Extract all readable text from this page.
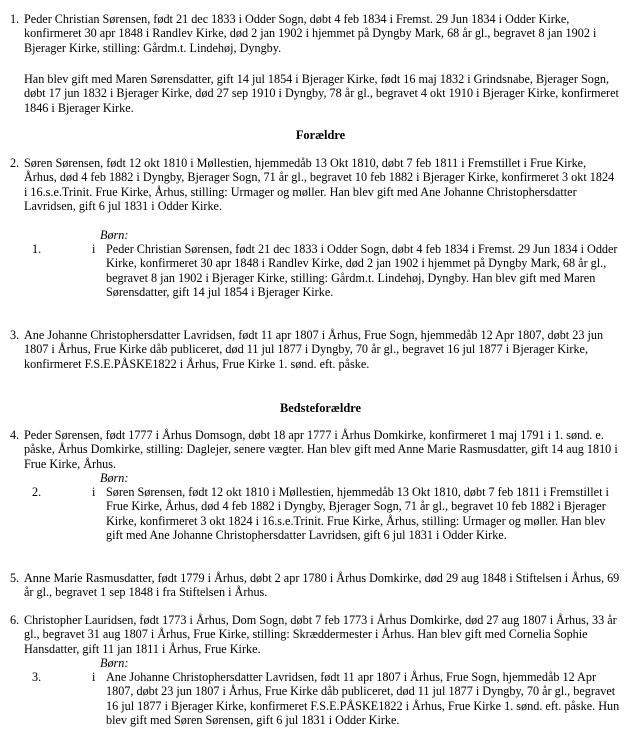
1. Peder Christian Sørensen, født 21 dec 1833 i Odder Sogn, døbt 4 feb 1834 i Fremst. 29 Jun 1834 i Odder Kirke, konfirmeret 30 apr 1848 i Randlev Kirke, død 2 jan 1902 i hjemmet på Dyngby Mark, 68 år gl., begravet 8 jan 1902 i Bjerager Kirke, stilling: Gårdm.t. Lindehøj, Dyngby.
Han blev gift med Maren Sørensdatter, gift 14 jul 1854 i Bjerager Kirke, født 16 maj 1832 i Grindsnabe, Bjerager Sogn, døbt 17 jun 1832 i Bjerager Kirke, død 27 sep 1910 i Dyngby, 78 år gl., begravet 4 okt 1910 i Bjerager Kirke, konfirmeret 1846 i Bjerager Kirke.
Forældre
2. Søren Sørensen, født 12 okt 1810 i Møllestien, hjemmedåb 13 Okt 1810, døbt 7 feb 1811 i Fremstillet i Frue Kirke, Århus, død 4 feb 1882 i Dyngby, Bjerager Sogn, 71 år gl., begravet 10 feb 1882 i Bjerager Kirke, konfirmeret 3 okt 1824 i 16.s.e.Trinit. Frue Kirke, Århus, stilling: Urmager og møller. Han blev gift med Ane Johanne Christophersdatter Lavridsen, gift 6 jul 1831 i Odder Kirke.
Børn:
1.	i Peder Christian Sørensen, født 21 dec 1833 i Odder Sogn, døbt 4 feb 1834 i Fremst. 29 Jun 1834 i Odder Kirke, konfirmeret 30 apr 1848 i Randlev Kirke, død 2 jan 1902 i hjemmet på Dyngby Mark, 68 år gl., begravet 8 jan 1902 i Bjerager Kirke, stilling: Gårdm.t. Lindehøj, Dyngby. Han blev gift med Maren Sørensdatter, gift 14 jul 1854 i Bjerager Kirke.
3. Ane Johanne Christophersdatter Lavridsen, født 11 apr 1807 i Århus, Frue Sogn, hjemmedåb 12 Apr 1807, døbt 23 jun 1807 i Århus, Frue Kirke dåb publiceret, død 11 jul 1877 i Dyngby, 70 år gl., begravet 16 jul 1877 i Bjerager Kirke, konfirmeret F.S.E.PÅSKE1822 i Århus, Frue Kirke 1. sønd. eft. påske.
Bedsteforældre
4. Peder Sørensen, født 1777 i Århus Domsogn, døbt 18 apr 1777 i Århus Domkirke, konfirmeret 1 maj 1791 i 1. sønd. e. påske, Århus Domkirke, stilling: Daglejer, senere vægter. Han blev gift med Anne Marie Rasmusdatter, gift 14 aug 1810 i Frue Kirke, Århus.
Børn:
2.	i Søren Sørensen, født 12 okt 1810 i Møllestien, hjemmedåb 13 Okt 1810, døbt 7 feb 1811 i Fremstillet i Frue Kirke, Århus, død 4 feb 1882 i Dyngby, Bjerager Sogn, 71 år gl., begravet 10 feb 1882 i Bjerager Kirke, konfirmeret 3 okt 1824 i 16.s.e.Trinit. Frue Kirke, Århus, stilling: Urmager og møller. Han blev gift med Ane Johanne Christophersdatter Lavridsen, gift 6 jul 1831 i Odder Kirke.
5. Anne Marie Rasmusdatter, født 1779 i Århus, døbt 2 apr 1780 i Århus Domkirke, død 29 aug 1848 i Stiftelsen i Århus, 69 år gl., begravet 1 sep 1848 i fra Stiftelsen i Århus.
6. Christopher Lauridsen, født 1773 i Århus, Dom Sogn, døbt 7 feb 1773 i Århus Domkirke, død 27 aug 1807 i Århus, 33 år gl., begravet 31 aug 1807 i Århus, Frue Kirke, stilling: Skræddermester i Århus. Han blev gift med Cornelia Sophie Hansdatter, gift 11 jan 1811 i Århus, Frue Kirke.
Børn:
3.	i Ane Johanne Christophersdatter Lavridsen, født 11 apr 1807 i Århus, Frue Sogn, hjemmedåb 12 Apr 1807, døbt 23 jun 1807 i Århus, Frue Kirke dåb publiceret, død 11 jul 1877 i Dyngby, 70 år gl., begravet 16 jul 1877 i Bjerager Kirke, konfirmeret F.S.E.PÅSKE1822 i Århus, Frue Kirke 1. sønd. eft. påske. Hun blev gift med Søren Sørensen, gift 6 jul 1831 i Odder Kirke.
